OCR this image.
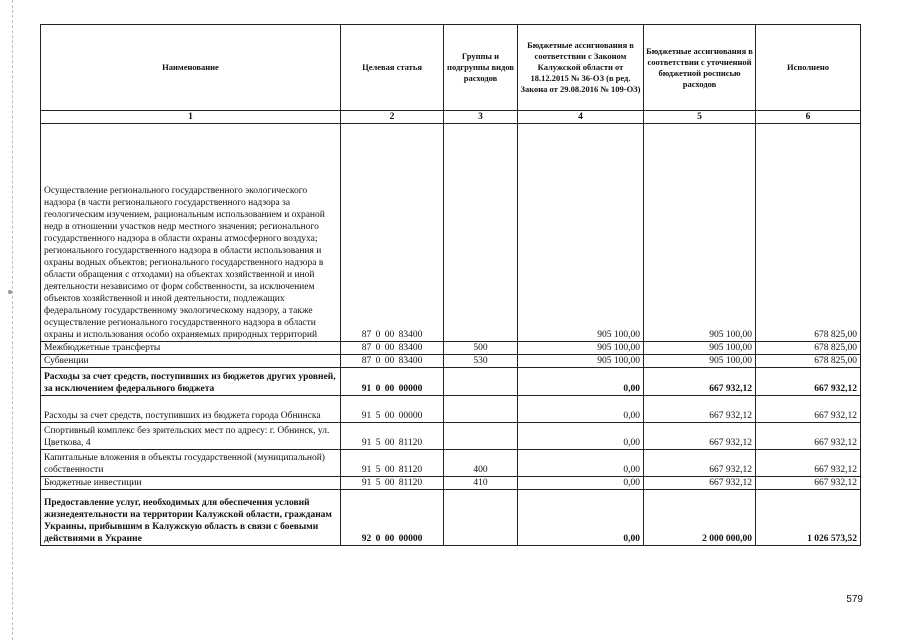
Наименование	Целевая статья	Группы и подгруппы видов расходов	Бюджетные ассигнования в соответствии с Законом Калужской области от 18.12.2015 № 36-ОЗ (в ред. Закона от 29.08.2016 № 109-ОЗ)	Бюджетные ассигнования в соответствии с уточненной бюджетной росписью расходов	Исполнено
1	2	3	4	5	6
Осуществление регионального государственного экологического надзора (в части регионального государственного надзора за геологическим изучением, рациональным использованием и охраной недр в отношении участков недр местного значения; регионального государственного надзора в области охраны атмосферного воздуха; регионального государственного надзора в области использования и охраны водных объектов; регионального государственного надзора в области обращения с отходами) на объектах хозяйственной и иной деятельности независимо от форм собственности, за исключением объектов хозяйственной и иной деятельности, подлежащих федеральному государственному экологическому надзору, а также осуществление регионального государственного надзора в области охраны и использования особо охраняемых природных территорий	87 0 00 83400		905 100,00	905 100,00	678 825,00
Межбюджетные трансферты	87 0 00 83400	500	905 100,00	905 100,00	678 825,00
Субвенции	87 0 00 83400	530	905 100,00	905 100,00	678 825,00
Расходы за счет средств, поступивших из бюджетов других уровней, за исключением федерального бюджета	91 0 00 00000		0,00	667 932,12	667 932,12
Расходы за счет средств, поступивших из бюджета города Обнинска	91 5 00 00000		0,00	667 932,12	667 932,12
Спортивный комплекс без зрительских мест по адресу: г. Обнинск, ул. Цветкова, 4	91 5 00 81120		0,00	667 932,12	667 932,12
Капитальные вложения в объекты государственной (муниципальной) собственности	91 5 00 81120	400	0,00	667 932,12	667 932,12
Бюджетные инвестиции	91 5 00 81120	410	0,00	667 932,12	667 932,12
Предоставление услуг, необходимых для обеспечения условий жизнедеятельности на территории Калужской области, гражданам Украины, прибывшим в Калужскую область в связи с боевыми действиями в Украине	92 0 00 00000		0,00	2 000 000,00	1 026 573,52
579
